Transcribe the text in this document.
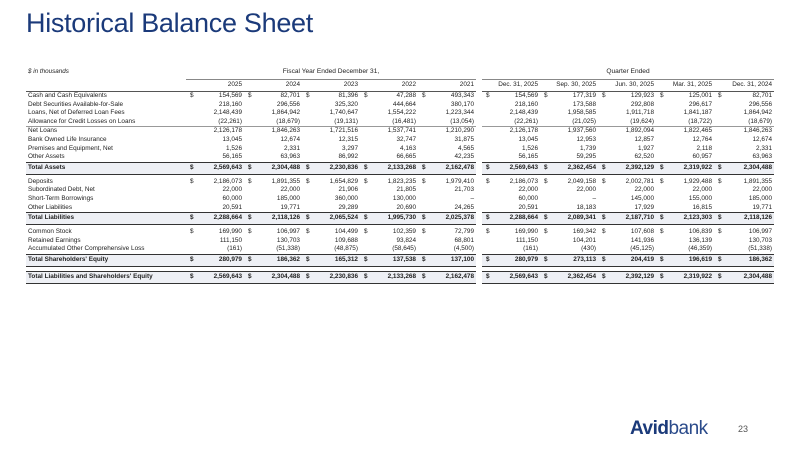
Historical Balance Sheet
$ in thousands	Fiscal Year Ended December 31,						Quarter Ended				
	2025	2024	2023	2022	2021		Dec. 31, 2025	Sep. 30, 2025	Jun. 30, 2025	Mar. 31, 2025	Dec. 31, 2024
Cash and Cash Equivalents	$ 154,569	$ 82,701	$ 81,396	$ 47,288	$ 493,343		$ 154,569	$ 177,319	$ 129,923	$ 125,001	$ 82,701
Debt Securities Available-for-Sale	218,160	296,556	325,320	444,664	380,170		218,160	173,588	292,808	296,617	296,556
Loans, Net of Deferred Loan Fees	2,148,439	1,864,942	1,740,647	1,554,222	1,223,344		2,148,439	1,958,585	1,911,718	1,841,187	1,864,942
Allowance for Credit Losses on Loans	(22,261)	(18,679)	(19,131)	(16,481)	(13,054)		(22,261)	(21,025)	(19,624)	(18,722)	(18,679)
Net Loans	2,126,178	1,846,263	1,721,516	1,537,741	1,210,290		2,126,178	1,937,560	1,892,094	1,822,465	1,846,263
Bank Owned Life Insurance	13,045	12,674	12,315	32,747	31,875		13,045	12,953	12,857	12,764	12,674
Premises and Equipment, Net	1,526	2,331	3,297	4,163	4,565		1,526	1,739	1,927	2,118	2,331
Other Assets	56,165	63,963	86,992	66,665	42,235		56,165	59,295	62,520	60,957	63,963
Total Assets	$ 2,569,643	$ 2,304,488	$ 2,230,836	$ 2,133,268	$ 2,162,478		$ 2,569,643	$ 2,362,454	$ 2,392,129	$ 2,319,922	$ 2,304,488
Deposits	$ 2,186,073	$ 1,891,355	$ 1,654,829	$ 1,823,235	$ 1,979,410		$ 2,186,073	$ 2,049,158	$ 2,002,781	$ 1,929,488	$ 1,891,355
Subordinated Debt, Net	22,000	22,000	21,906	21,805	21,703		22,000	22,000	22,000	22,000	22,000
Short-Term Borrowings	60,000	185,000	360,000	130,000	–		60,000	–	145,000	155,000	185,000
Other Liabilities	20,591	19,771	29,289	20,690	24,265		20,591	18,183	17,929	16,815	19,771
Total Liabilities	$ 2,288,664	$ 2,118,126	$ 2,065,524	$ 1,995,730	$ 2,025,378		$ 2,288,664	$ 2,089,341	$ 2,187,710	$ 2,123,303	$ 2,118,126
Common Stock	$ 169,990	$ 106,997	$ 104,499	$ 102,359	$ 72,799		$ 169,990	$ 169,342	$ 107,608	$ 106,839	$ 106,997
Retained Earnings	111,150	130,703	109,688	93,824	68,801		111,150	104,201	141,936	136,139	130,703
Accumulated Other Comprehensive Loss	(161)	(51,338)	(48,875)	(58,645)	(4,500)		(161)	(430)	(45,125)	(46,359)	(51,338)
Total Shareholders' Equity	$ 280,979	$ 186,362	$ 165,312	$ 137,538	$ 137,100		$ 280,979	$ 273,113	$ 204,419	$ 196,619	$ 186,362

Total Liabilities and Shareholders' Equity	$ 2,569,643	$ 2,304,488	$ 2,230,836	$ 2,133,268	$ 2,162,478		$ 2,569,643	$ 2,362,454	$ 2,392,129	$ 2,319,922	$ 2,304,488
Avidbank	23
